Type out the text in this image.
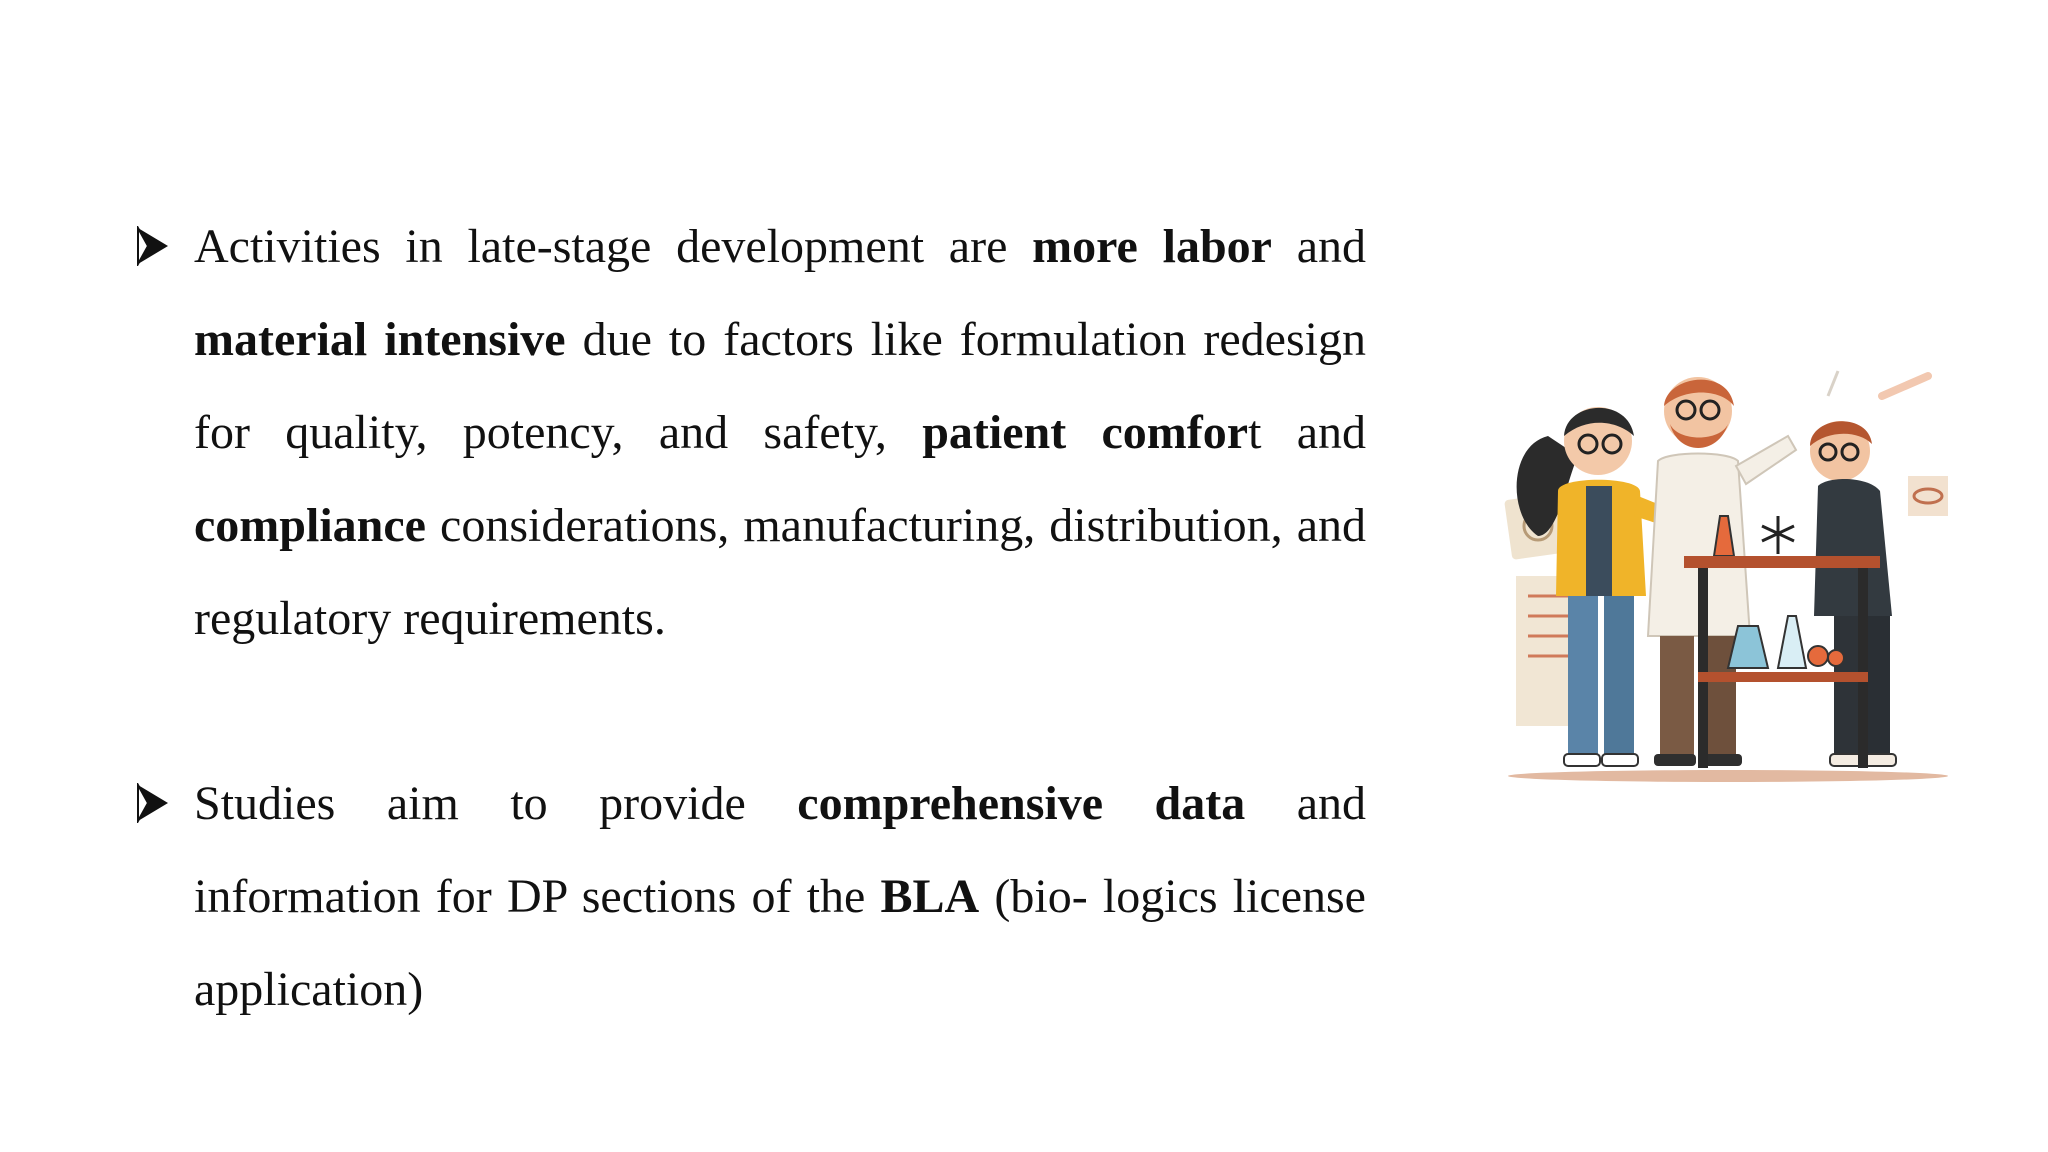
Activities in late-stage development are more labor and material intensive due to factors like formulation redesign for quality, potency, and safety, patient comfort and compliance considerations, manufacturing, distribution, and regulatory requirements.

Studies aim to provide comprehensive data and information for DP sections of the BLA (bio- logics license application)
